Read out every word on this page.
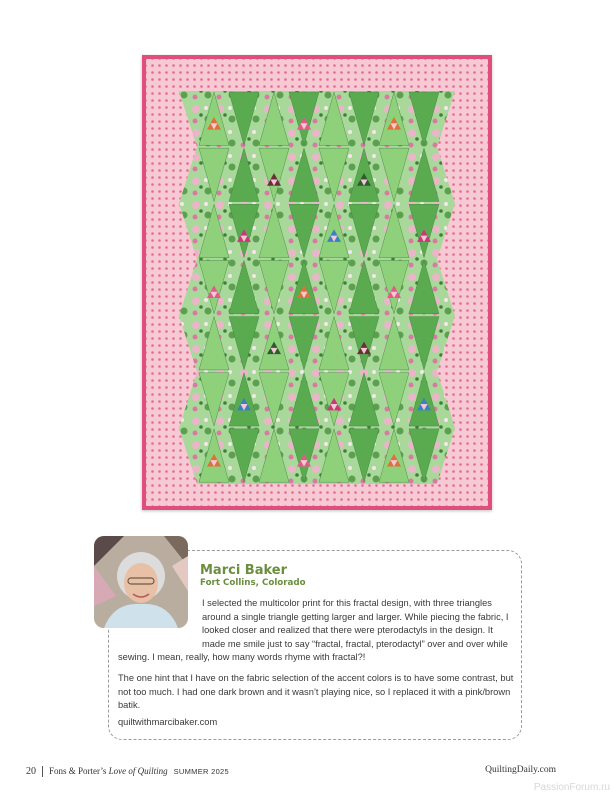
Marci Baker
Fort Collins, Colorado
I selected the multicolor print for this fractal design, with three triangles around a single triangle getting larger and larger. While piecing the fabric, I looked closer and realized that there were pterodactyls in the design. It made me smile just to say “fractal, fractal, pterodactyl” over and over while sewing. I mean, really, how many words rhyme with fractal?!
The one hint that I have on the fabric selection of the accent colors is to have some contrast, but not too much. I had one dark brown and it wasn’t playing nice, so I replaced it with a pink/brown batik.
quiltwithmarcibaker.com
20 Fons & Porter’s Love of Quilting SUMMER 2025	QuiltingDaily.com
PassionForum.ru
